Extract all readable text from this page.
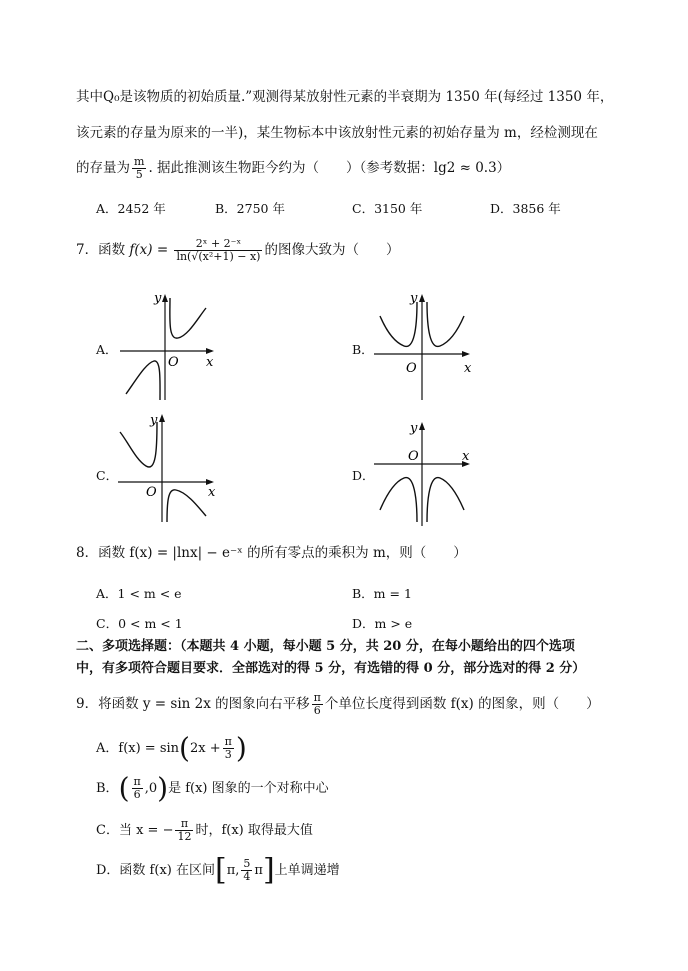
其中Q₀是该物质的初始质量.”观测得某放射性元素的半衰期为 1350 年(每经过 1350 年，
该元素的存量为原来的一半)，某生物标本中该放射性元素的初始存量为 m，经检测现在
的存量为 $\frac{m}{5}$ . 据此推测该生物距今约为（　　）（参考数据：lg2 ≈ 0.3）
A．2452 年	B．2750 年	C．3150 年	D．3856 年
7．函数 $f(x) = \frac{\text{2ˣ + 2⁻ˣ}}{\text{ln(√(x²+1) − x)}}$ 的图像大致为（　　）
A．
O x
y
B．
O	x
y
C．
O	x
y
D．
O	x
y
8．函数 f(x) = |lnx| − e⁻ˣ 的所有零点的乘积为 m，则（　　）
A．1 < m < e	B．m = 1
C．0 < m < 1	D．m > e
二、多项选择题：（本题共 4 小题，每小题 5 分，共 20 分，在每小题给出的四个选项
中，有多项符合题目要求．全部选对的得 5 分，有选错的得 0 分，部分选对的得 2 分）
9．将函数 y = sin 2x 的图象向右平移 $\frac{\pi}{6}$ 个单位长度得到函数 f(x) 的图象，则（　　）
A．$f(x) = \sin(2x + \frac{\pi}{3}$ )
B．( $\frac{\pi}{6} ,0$)是 f(x) 图象的一个对称中心
C．当 x = − $\frac{\pi}{12}$ 时，f(x) 取得最大值
D．函数 f(x) 在区间[π, $\frac{5}{4} \pi$]上单调递增
